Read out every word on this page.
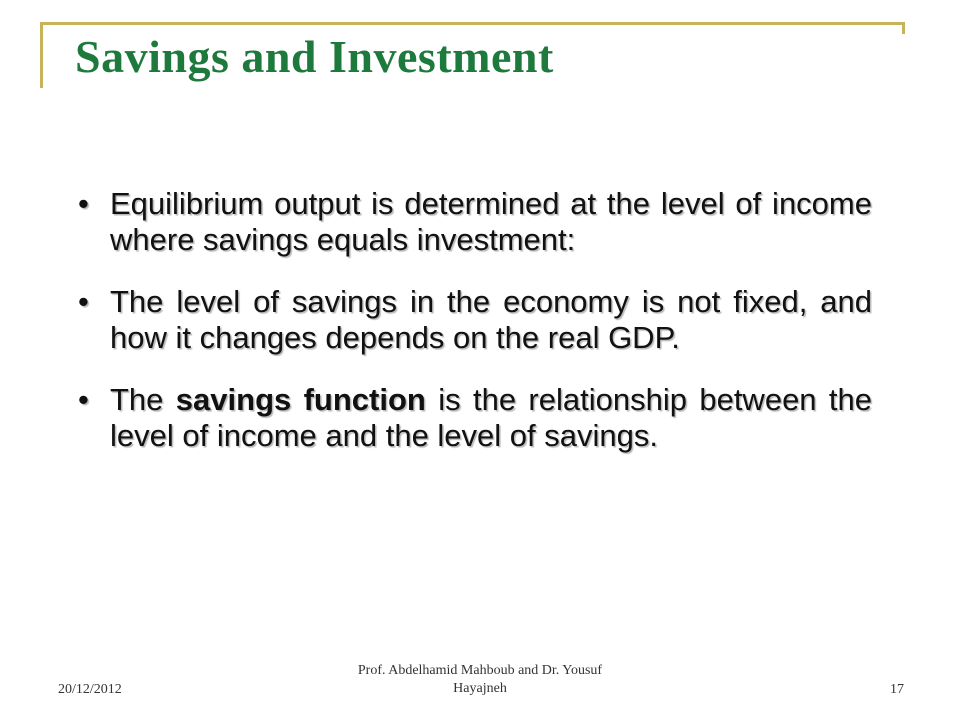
Savings and Investment
• Equilibrium output is determined at the level of income where savings equals investment:
• The level of savings in the economy is not fixed, and how it changes depends on the real GDP.
• The savings function is the relationship between the level of income and the level of savings.
20/12/2012
Prof. Abdelhamid Mahboub and Dr. Yousuf
Hayajneh	17
